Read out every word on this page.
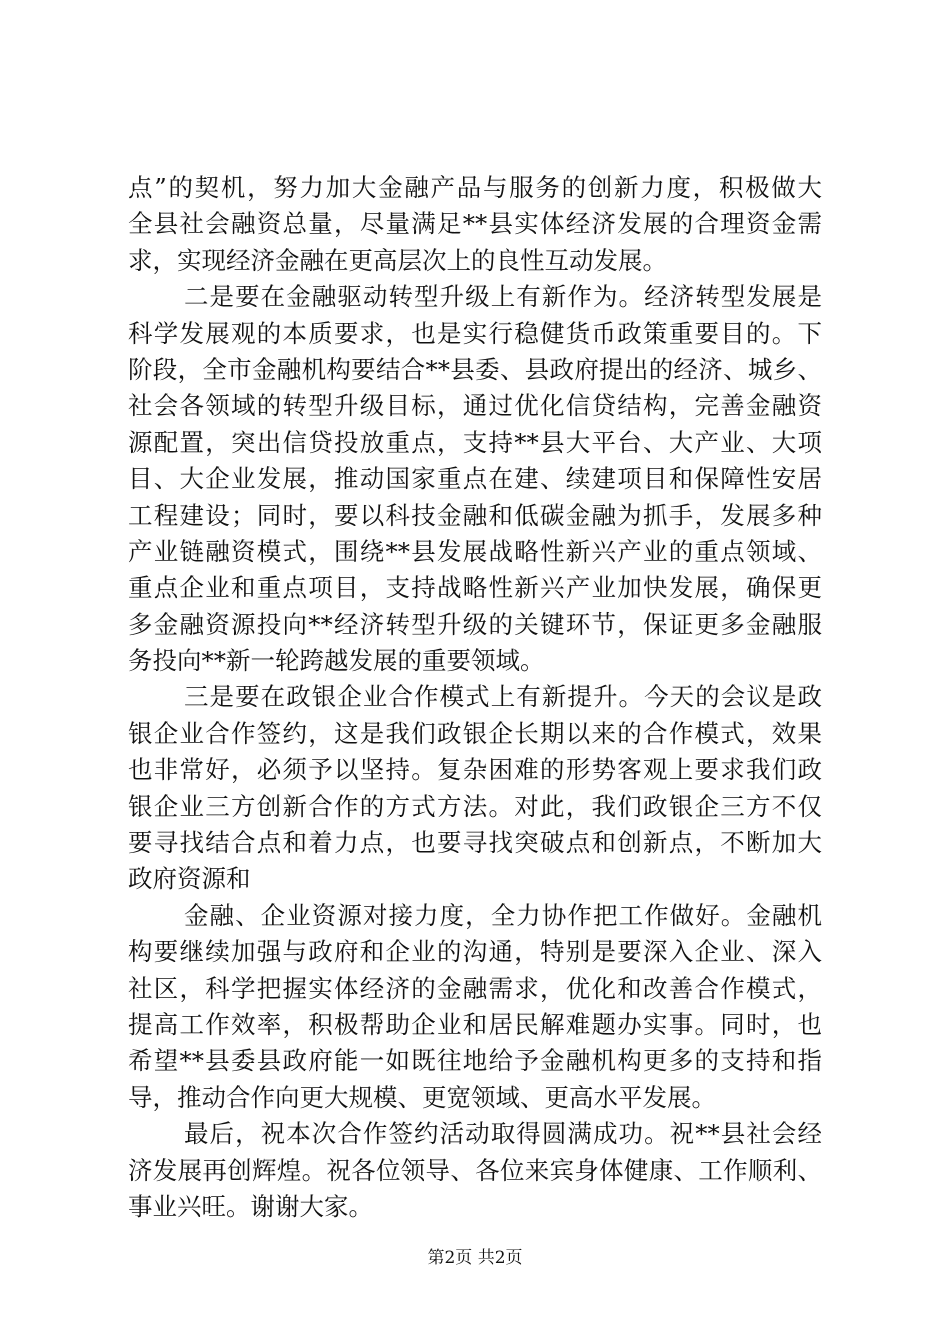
点”的契机，努力加大金融产品与服务的创新力度，积极做大
全县社会融资总量，尽量满足**县实体经济发展的合理资金需
求，实现经济金融在更高层次上的良性互动发展。
二是要在金融驱动转型升级上有新作为。经济转型发展是
科学发展观的本质要求，也是实行稳健货币政策重要目的。下
阶段，全市金融机构要结合**县委、县政府提出的经济、城乡、
社会各领域的转型升级目标，通过优化信贷结构，完善金融资
源配置，突出信贷投放重点，支持**县大平台、大产业、大项
目、大企业发展，推动国家重点在建、续建项目和保障性安居
工程建设；同时，要以科技金融和低碳金融为抓手，发展多种
产业链融资模式，围绕**县发展战略性新兴产业的重点领域、
重点企业和重点项目，支持战略性新兴产业加快发展，确保更
多金融资源投向**经济转型升级的关键环节，保证更多金融服
务投向**新一轮跨越发展的重要领域。
三是要在政银企业合作模式上有新提升。今天的会议是政
银企业合作签约，这是我们政银企长期以来的合作模式，效果
也非常好，必须予以坚持。复杂困难的形势客观上要求我们政
银企业三方创新合作的方式方法。对此，我们政银企三方不仅
要寻找结合点和着力点，也要寻找突破点和创新点，不断加大
政府资源和
金融、企业资源对接力度，全力协作把工作做好。金融机
构要继续加强与政府和企业的沟通，特别是要深入企业、深入
社区，科学把握实体经济的金融需求，优化和改善合作模式，
提高工作效率，积极帮助企业和居民解难题办实事。同时，也
希望**县委县政府能一如既往地给予金融机构更多的支持和指
导，推动合作向更大规模、更宽领域、更高水平发展。
最后，祝本次合作签约活动取得圆满成功。祝**县社会经
济发展再创辉煌。祝各位领导、各位来宾身体健康、工作顺利、
事业兴旺。谢谢大家。
第2页 共2页
